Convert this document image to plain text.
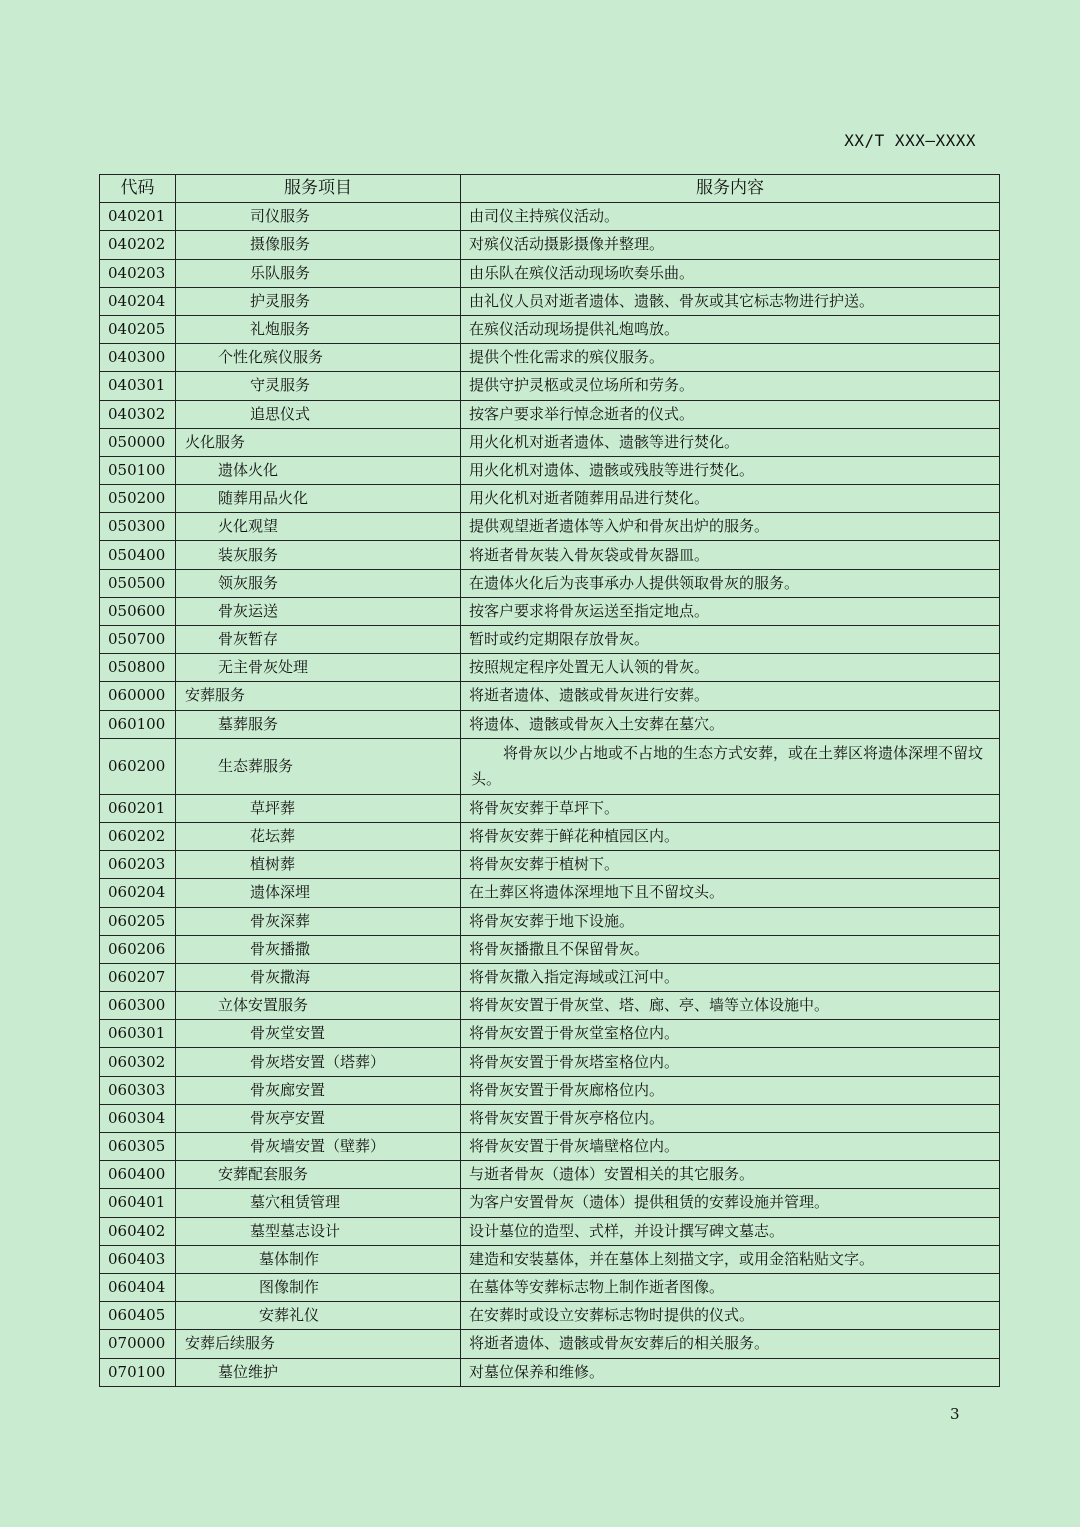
XX/T XXX—XXXX
代码	服务项目	服务内容
040201	司仪服务	由司仪主持殡仪活动。
040202	摄像服务	对殡仪活动摄影摄像并整理。
040203	乐队服务	由乐队在殡仪活动现场吹奏乐曲。
040204	护灵服务	由礼仪人员对逝者遗体、遗骸、骨灰或其它标志物进行护送。
040205	礼炮服务	在殡仪活动现场提供礼炮鸣放。
040300	个性化殡仪服务	提供个性化需求的殡仪服务。
040301	守灵服务	提供守护灵柩或灵位场所和劳务。
040302	追思仪式	按客户要求举行悼念逝者的仪式。
050000	火化服务	用火化机对逝者遗体、遗骸等进行焚化。
050100	遗体火化	用火化机对遗体、遗骸或残肢等进行焚化。
050200	随葬用品火化	用火化机对逝者随葬用品进行焚化。
050300	火化观望	提供观望逝者遗体等入炉和骨灰出炉的服务。
050400	装灰服务	将逝者骨灰装入骨灰袋或骨灰器皿。
050500	领灰服务	在遗体火化后为丧事承办人提供领取骨灰的服务。
050600	骨灰运送	按客户要求将骨灰运送至指定地点。
050700	骨灰暂存	暂时或约定期限存放骨灰。
050800	无主骨灰处理	按照规定程序处置无人认领的骨灰。
060000	安葬服务	将逝者遗体、遗骸或骨灰进行安葬。
060100	墓葬服务	将遗体、遗骸或骨灰入土安葬在墓穴。
060200	生态葬服务	将骨灰以少占地或不占地的生态方式安葬，或在土葬区将遗体深埋不留坟头。
060201	草坪葬	将骨灰安葬于草坪下。
060202	花坛葬	将骨灰安葬于鲜花种植园区内。
060203	植树葬	将骨灰安葬于植树下。
060204	遗体深埋	在土葬区将遗体深埋地下且不留坟头。
060205	骨灰深葬	将骨灰安葬于地下设施。
060206	骨灰播撒	将骨灰播撒且不保留骨灰。
060207	骨灰撒海	将骨灰撒入指定海域或江河中。
060300	立体安置服务	将骨灰安置于骨灰堂、塔、廊、亭、墙等立体设施中。
060301	骨灰堂安置	将骨灰安置于骨灰堂室格位内。
060302	骨灰塔安置（塔葬）	将骨灰安置于骨灰塔室格位内。
060303	骨灰廊安置	将骨灰安置于骨灰廊格位内。
060304	骨灰亭安置	将骨灰安置于骨灰亭格位内。
060305	骨灰墙安置（壁葬）	将骨灰安置于骨灰墙壁格位内。
060400	安葬配套服务	与逝者骨灰（遗体）安置相关的其它服务。
060401	墓穴租赁管理	为客户安置骨灰（遗体）提供租赁的安葬设施并管理。
060402	墓型墓志设计	设计墓位的造型、式样，并设计撰写碑文墓志。
060403	墓体制作	建造和安装墓体，并在墓体上刻描文字，或用金箔粘贴文字。
060404	图像制作	在墓体等安葬标志物上制作逝者图像。
060405	安葬礼仪	在安葬时或设立安葬标志物时提供的仪式。
070000	安葬后续服务	将逝者遗体、遗骸或骨灰安葬后的相关服务。
070100	墓位维护	对墓位保养和维修。
3
